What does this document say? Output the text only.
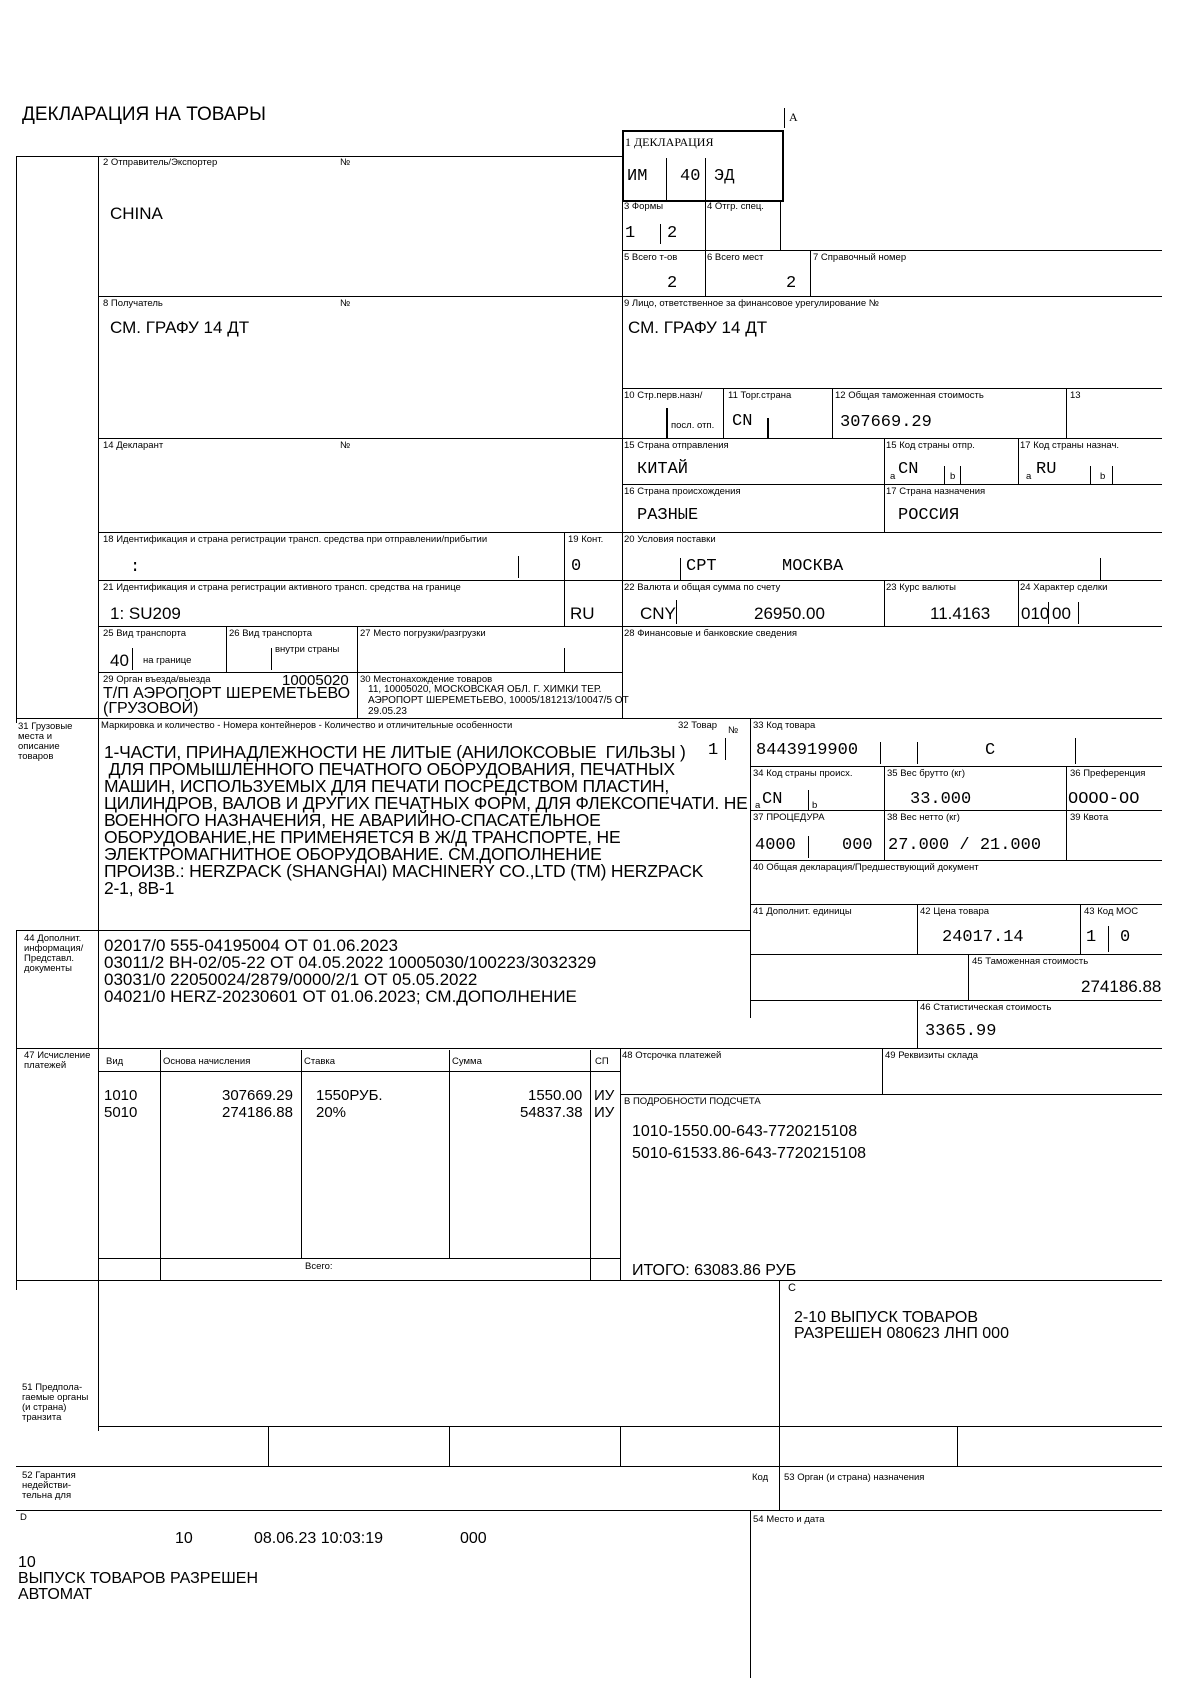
ДЕКЛАРАЦИЯ НА ТОВАРЫ	А
1 ДЕКЛАРАЦИЯ
ИМ 40 ЭД
2 Отправитель/Экспортер	№
CHINA	3 Формы
1 2
4 Отгр. спец.
5 Всего т-ов
2
6 Всего мест
2
7 Справочный номер
8 Получатель	№
СМ. ГРАФУ 14 ДТ
9 Лицо, ответственное за финансовое урегулирование №
СМ. ГРАФУ 14 ДТ
10 Стр.перв.назн/
посл. отп.
11 Торг.страна
CN
12 Общая таможенная стоимость
307669.29
13
14 Декларант	№	15 Страна отправления
КИТАЙ
15 Код страны отпр.
a CN	b
17 Код страны назнач.
a RU	b
16 Страна происхождения
РАЗНЫЕ
17 Страна назначения
РОССИЯ
18 Идентификация и страна регистрации трансп. средства при отправлении/прибытии
:
19 Конт.
0
20 Условия поставки
CPT	МОСКВА
21 Идентификация и страна регистрации активного трансп. средства на границе
1: SU209	RU
22 Валюта и общая сумма по счету
CNY	26950.00
23 Курс валюты
11.4163
24 Характер сделки
010 00
25 Вид транспорта
40 на границе
26 Вид транспорта
внутри страны
27 Место погрузки/разгрузки	28 Финансовые и банковские сведения
29 Орган въезда/выезда	10005020
Т/П АЭРОПОРТ ШЕРЕМЕТЬЕВО
(ГРУЗОВОЙ)
30 Местонахождение товаров
11, 10005020, МОСКОВСКАЯ ОБЛ. Г. ХИМКИ ТЕР.
АЭРОПОРТ ШЕРЕМЕТЬЕВО, 10005/181213/10047/5 ОТ
29.05.23
31 Грузовые места и описание товаров
Маркировка и количество - Номера контейнеров - Количество и отличительные особенности
1-ЧАСТИ, ПРИНАДЛЕЖНОСТИ НЕ ЛИТЫЕ (АНИЛОКСОВЫЕ  ГИЛЬЗЫ )
ДЛЯ ПРОМЫШЛЕННОГО ПЕЧАТНОГО ОБОРУДОВАНИЯ, ПЕЧАТНЫХ
МАШИН, ИСПОЛЬЗУЕМЫХ ДЛЯ ПЕЧАТИ ПОСРЕДСТВОМ ПЛАСТИН,
ЦИЛИНДРОВ, ВАЛОВ И ДРУГИХ ПЕЧАТНЫХ ФОРМ, ДЛЯ ФЛЕКСОПЕЧАТИ. НЕ
ВОЕННОГО НАЗНАЧЕНИЯ, НЕ АВАРИЙНО-СПАСАТЕЛЬНОЕ
ОБОРУДОВАНИЕ,НЕ ПРИМЕНЯЕТСЯ В Ж/Д ТРАНСПОРТЕ, НЕ
ЭЛЕКТРОМАГНИТНОЕ ОБОРУДОВАНИЕ. СМ.ДОПОЛНЕНИЕ
ПРОИЗВ.: HERZPACK (SHANGHAI) MACHINERY CO.,LTD (TM) HERZPACK
2-1, 8В-1
32 Товар №
1
33 Код товара
8443919900	С
34 Код страны происх.
a CN	b
35 Вес брутто (кг)
33.000
36 Преференция
ОООО-ОО
37 ПРОЦЕДУРА
4000	000
38 Вес нетто (кг)
27.000 / 21.000
39 Квота
40 Общая декларация/Предшествующий документ
41 Дополнит. единицы	42 Цена товара
24017.14
43 Код МОС
1 0
44 Дополнит. информация/ Представл. документы
02017/0 555-04195004 ОТ 01.06.2023
03011/2 ВН-02/05-22 ОТ 04.05.2022 10005030/100223/3032329
03031/0 22050024/2879/0000/2/1 ОТ 05.05.2022
04021/0 HERZ-20230601 ОТ 01.06.2023; СМ.ДОПОЛНЕНИЕ
45 Таможенная стоимость
274186.88
46 Статистическая стоимость
3365.99
47 Исчисление платежей	Вид	Основа начисления	Ставка	Сумма	СП
1010	307669.29 1550РУБ.	1550.00 ИУ
5010	274186.88 20%	54837.38 ИУ
Всего:
48 Отсрочка платежей	49 Реквизиты склада
В ПОДРОБНОСТИ ПОДСЧЕТА
1010-1550.00-643-7720215108
5010-61533.86-643-7720215108
ИТОГО: 63083.86 РУБ
С
2-10 ВЫПУСК ТОВАРОВ
РАЗРЕШЕН 080623 ЛНП 000
51 Предпола- гаемые органы (и страна) транзита
52 Гарантия недействи- тельна для
Код 53 Орган (и страна) назначения
D	54 Место и дата
10	08.06.23 10:03:19	000
10
ВЫПУСК ТОВАРОВ РАЗРЕШЕН
АВТОМАТ
